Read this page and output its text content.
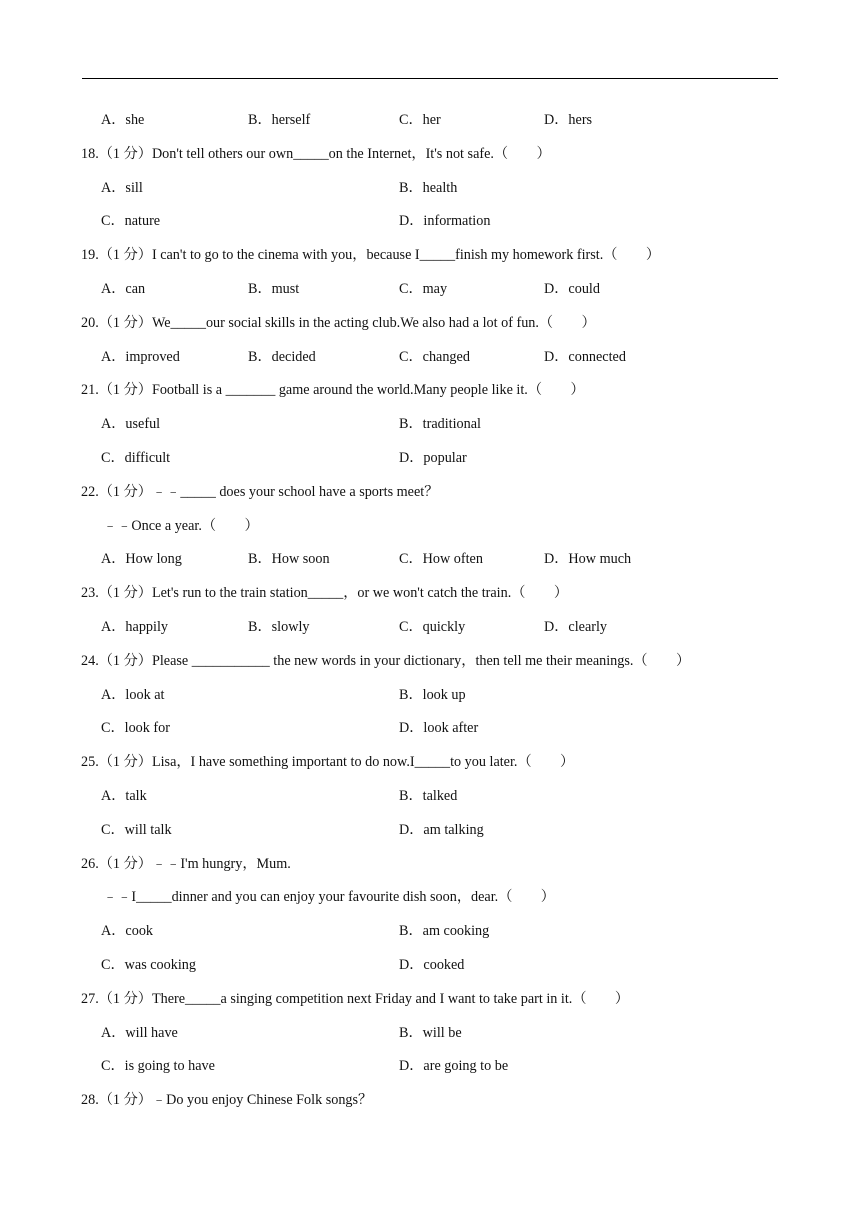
A．she	B．herself	C．her	D．hers
18.（1 分）Don't tell others our own_____on the Internet，It's not safe.（　　）
A．sill	B．health
C．nature	D．information
19.（1 分）I can't to go to the cinema with you，because I_____finish my homework first.（　　）
A．can	B．must	C．may	D．could
20.（1 分）We_____our social skills in the acting club.We also had a lot of fun.（　　）
A．improved	B．decided	C．changed	D．connected
21.（1 分）Football is a _______ game around the world.Many people like it.（　　）
A．useful	B．traditional
C．difficult	D．popular
22.（1 分）﹣﹣_____ does your school have a sports meet？
﹣﹣Once a year.（　　）
A．How long	B．How soon	C．How often	D．How much
23.（1 分）Let's run to the train station_____，or we won't catch the train.（　　）
A．happily	B．slowly	C．quickly	D．clearly
24.（1 分）Please ___________ the new words in your dictionary，then tell me their meanings.（　　）
A．look at	B．look up
C．look for	D．look after
25.（1 分）Lisa，I have something important to do now.I_____to you later.（　　）
A．talk	B．talked
C．will talk	D．am talking
26.（1 分）﹣﹣I'm hungry，Mum.
﹣﹣I_____dinner and you can enjoy your favourite dish soon，dear.（　　）
A．cook	B．am cooking
C．was cooking	D．cooked
27.（1 分）There_____a singing competition next Friday and I want to take part in it.（　　）
A．will have	B．will be
C．is going to have	D．are going to be
28.（1 分）﹣Do you enjoy Chinese Folk songs？
